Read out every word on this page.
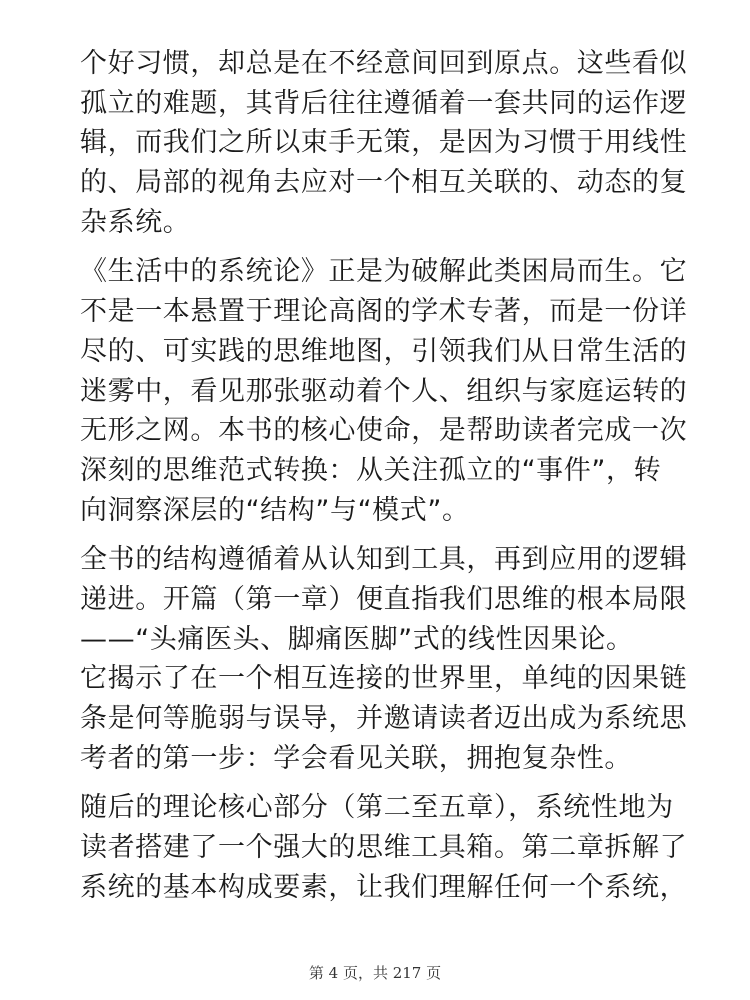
个好习惯，却总是在不经意间回到原点。这些看似
孤立的难题，其背后往往遵循着一套共同的运作逻
辑，而我们之所以束手无策，是因为习惯于用线性
的、局部的视角去应对一个相互关联的、动态的复
杂系统。
《生活中的系统论》正是为破解此类困局而生。它
不是一本悬置于理论高阁的学术专著，而是一份详
尽的、可实践的思维地图，引领我们从日常生活的
迷雾中，看见那张驱动着个人、组织与家庭运转的
无形之网。本书的核心使命，是帮助读者完成一次
深刻的思维范式转换：从关注孤立的“事件”，转
向洞察深层的“结构”与“模式”。
全书的结构遵循着从认知到工具，再到应用的逻辑
递进。开篇（第一章）便直指我们思维的根本局限
——“头痛医头、脚痛医脚”式的线性因果论。
它揭示了在一个相互连接的世界里，单纯的因果链
条是何等脆弱与误导，并邀请读者迈出成为系统思
考者的第一步：学会看见关联，拥抱复杂性。
随后的理论核心部分（第二至五章），系统性地为
读者搭建了一个强大的思维工具箱。第二章拆解了
系统的基本构成要素，让我们理解任何一个系统，
第 4 页，共 217 页
